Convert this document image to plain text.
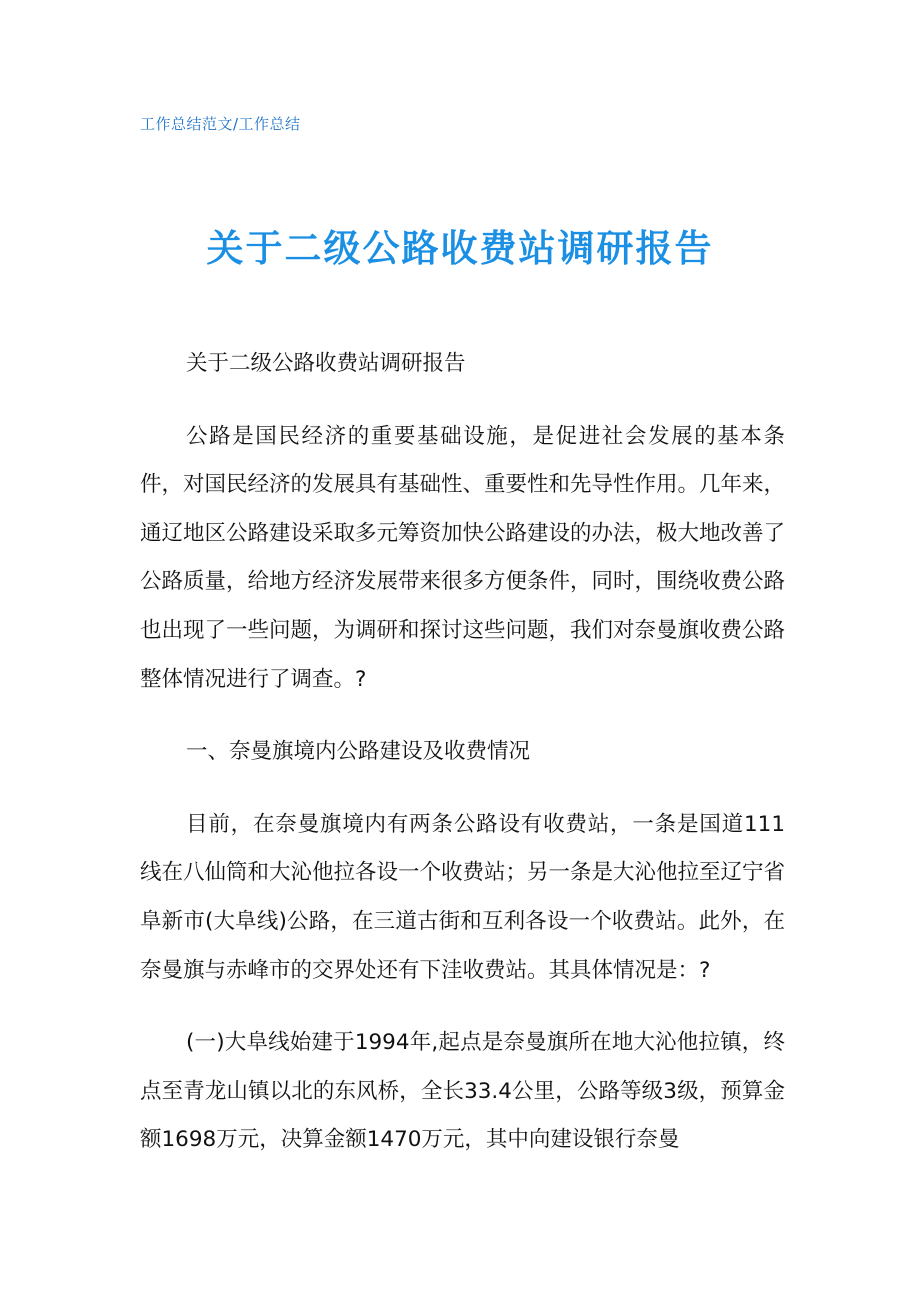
工作总结范文/工作总结
关于二级公路收费站调研报告

关于二级公路收费站调研报告

公路是国民经济的重要基础设施，是促进社会发展的基本条件，对国民经济的发展具有基础性、重要性和先导性作用。几年来，通辽地区公路建设采取多元筹资加快公路建设的办法，极大地改善了公路质量，给地方经济发展带来很多方便条件，同时，围绕收费公路也出现了一些问题，为调研和探讨这些问题，我们对奈曼旗收费公路整体情况进行了调查。?

一、奈曼旗境内公路建设及收费情况

目前，在奈曼旗境内有两条公路设有收费站，一条是国道111线在八仙筒和大沁他拉各设一个收费站；另一条是大沁他拉至辽宁省阜新市(大阜线)公路，在三道古街和互利各设一个收费站。此外，在奈曼旗与赤峰市的交界处还有下洼收费站。其具体情况是：?

(一)大阜线始建于1994年,起点是奈曼旗所在地大沁他拉镇，终点至青龙山镇以北的东风桥，全长33.4公里，公路等级3级，预算金额1698万元，决算金额1470万元，其中向建设银行奈曼
